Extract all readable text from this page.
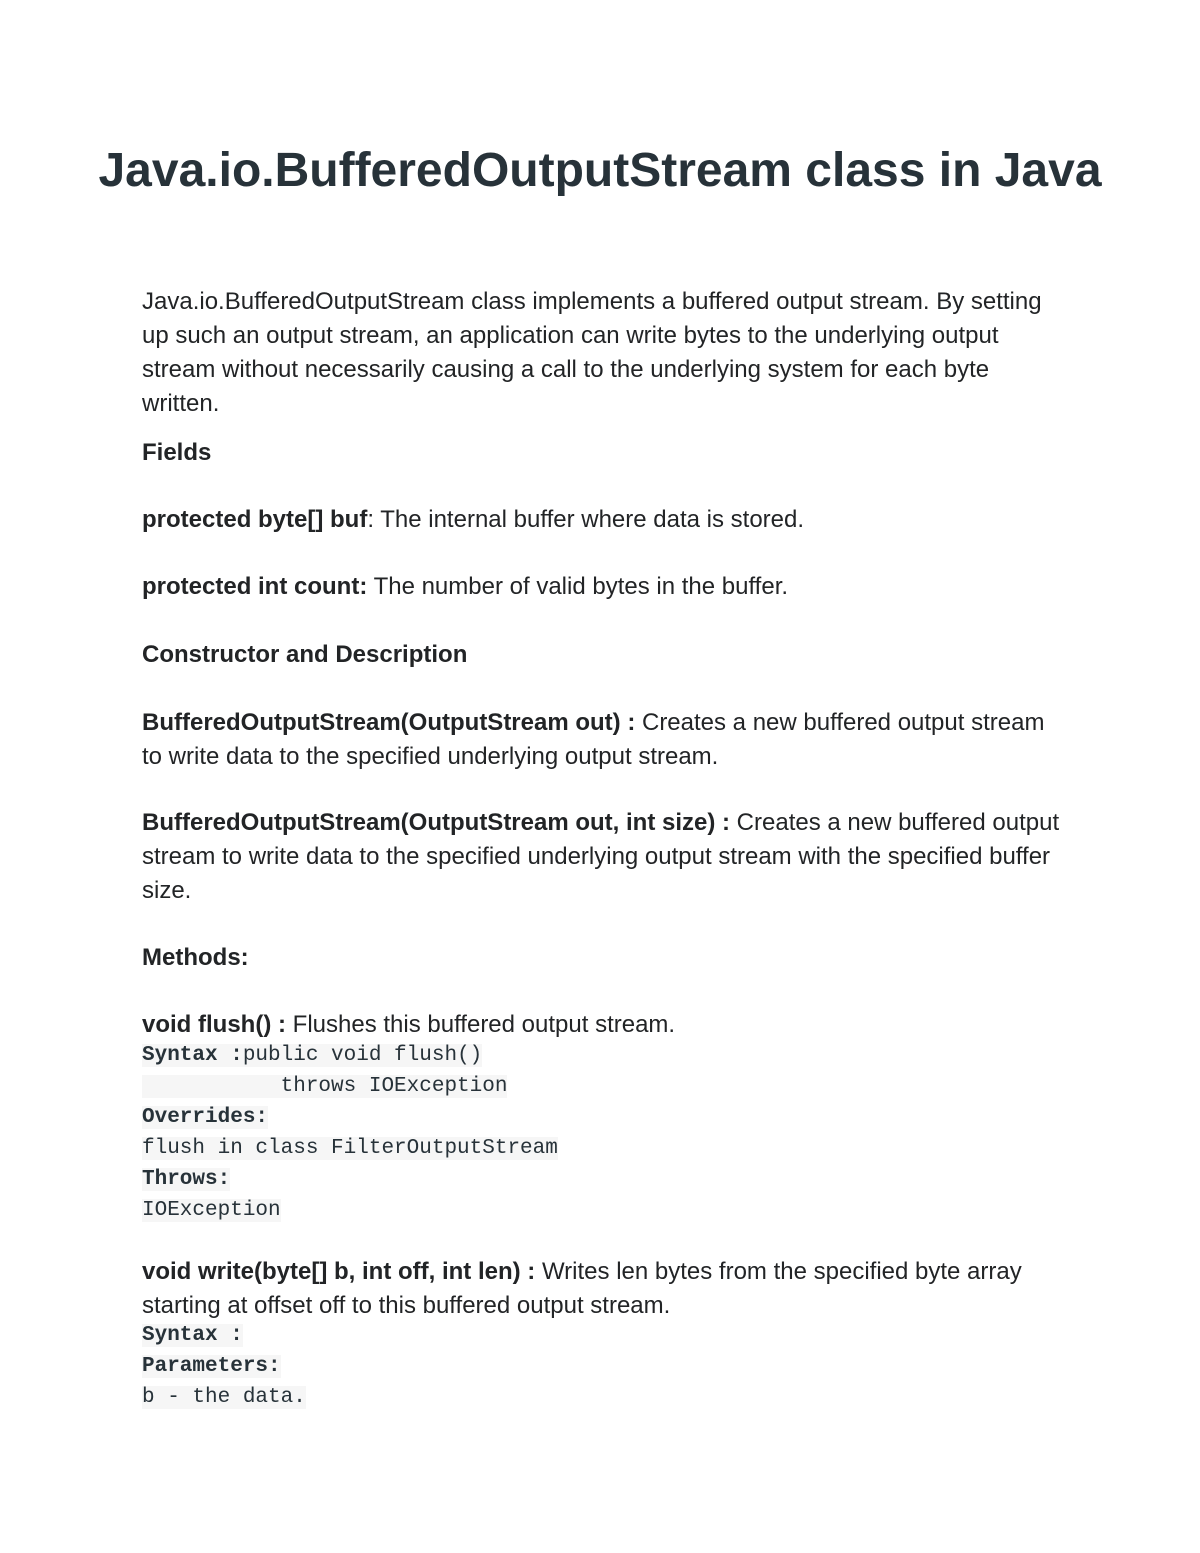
Java.io.BufferedOutputStream class in Java

Java.io.BufferedOutputStream class implements a buffered output stream. By setting up such an output stream, an application can write bytes to the underlying output stream without necessarily causing a call to the underlying system for each byte written.

Fields

protected byte[] buf: The internal buffer where data is stored.

protected int count: The number of valid bytes in the buffer.

Constructor and Description

BufferedOutputStream(OutputStream out) : Creates a new buffered output stream to write data to the specified underlying output stream.

BufferedOutputStream(OutputStream out, int size) : Creates a new buffered output stream to write data to the specified underlying output stream with the specified buffer size.

Methods:

void flush() : Flushes this buffered output stream.

Syntax :public void flush()
throws IOException
Overrides:
flush in class FilterOutputStream
Throws:
IOException

void write(byte[] b, int off, int len) : Writes len bytes from the specified byte array starting at offset off to this buffered output stream.

Syntax :
Parameters:
b - the data.
